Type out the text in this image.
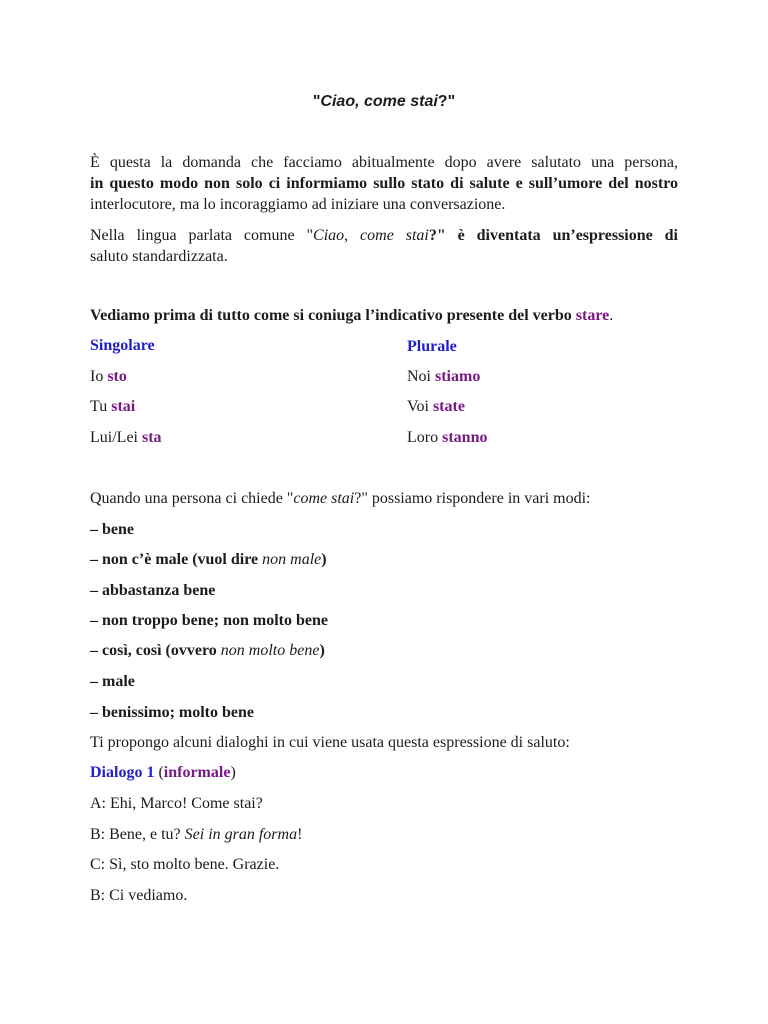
"Ciao, come stai?"
È questa la domanda che facciamo abitualmente dopo avere salutato una persona,
in questo modo non solo ci informiamo sullo stato di salute e sull’umore del nostro
interlocutore, ma lo incoraggiamo ad iniziare una conversazione.
Nella lingua parlata comune "Ciao, come stai?" è diventata un’espressione di
saluto standardizzata.
Vediamo prima di tutto come si coniuga l’indicativo presente del verbo stare.
Singolare	Plurale
Io sto
Tu stai
Lui/Lei sta
Noi stiamo
Voi state
Loro stanno
Quando una persona ci chiede "come stai?" possiamo rispondere in vari modi:
– bene
– non c’è male (vuol dire non male)
– abbastanza bene
– non troppo bene; non molto bene
– così, così (ovvero non molto bene)
– male
– benissimo; molto bene
Ti propongo alcuni dialoghi in cui viene usata questa espressione di saluto:
Dialogo 1 (informale)
A: Ehi, Marco! Come stai?
B: Bene, e tu? Sei in gran forma!
C: Sì, sto molto bene. Grazie.
B: Ci vediamo.
